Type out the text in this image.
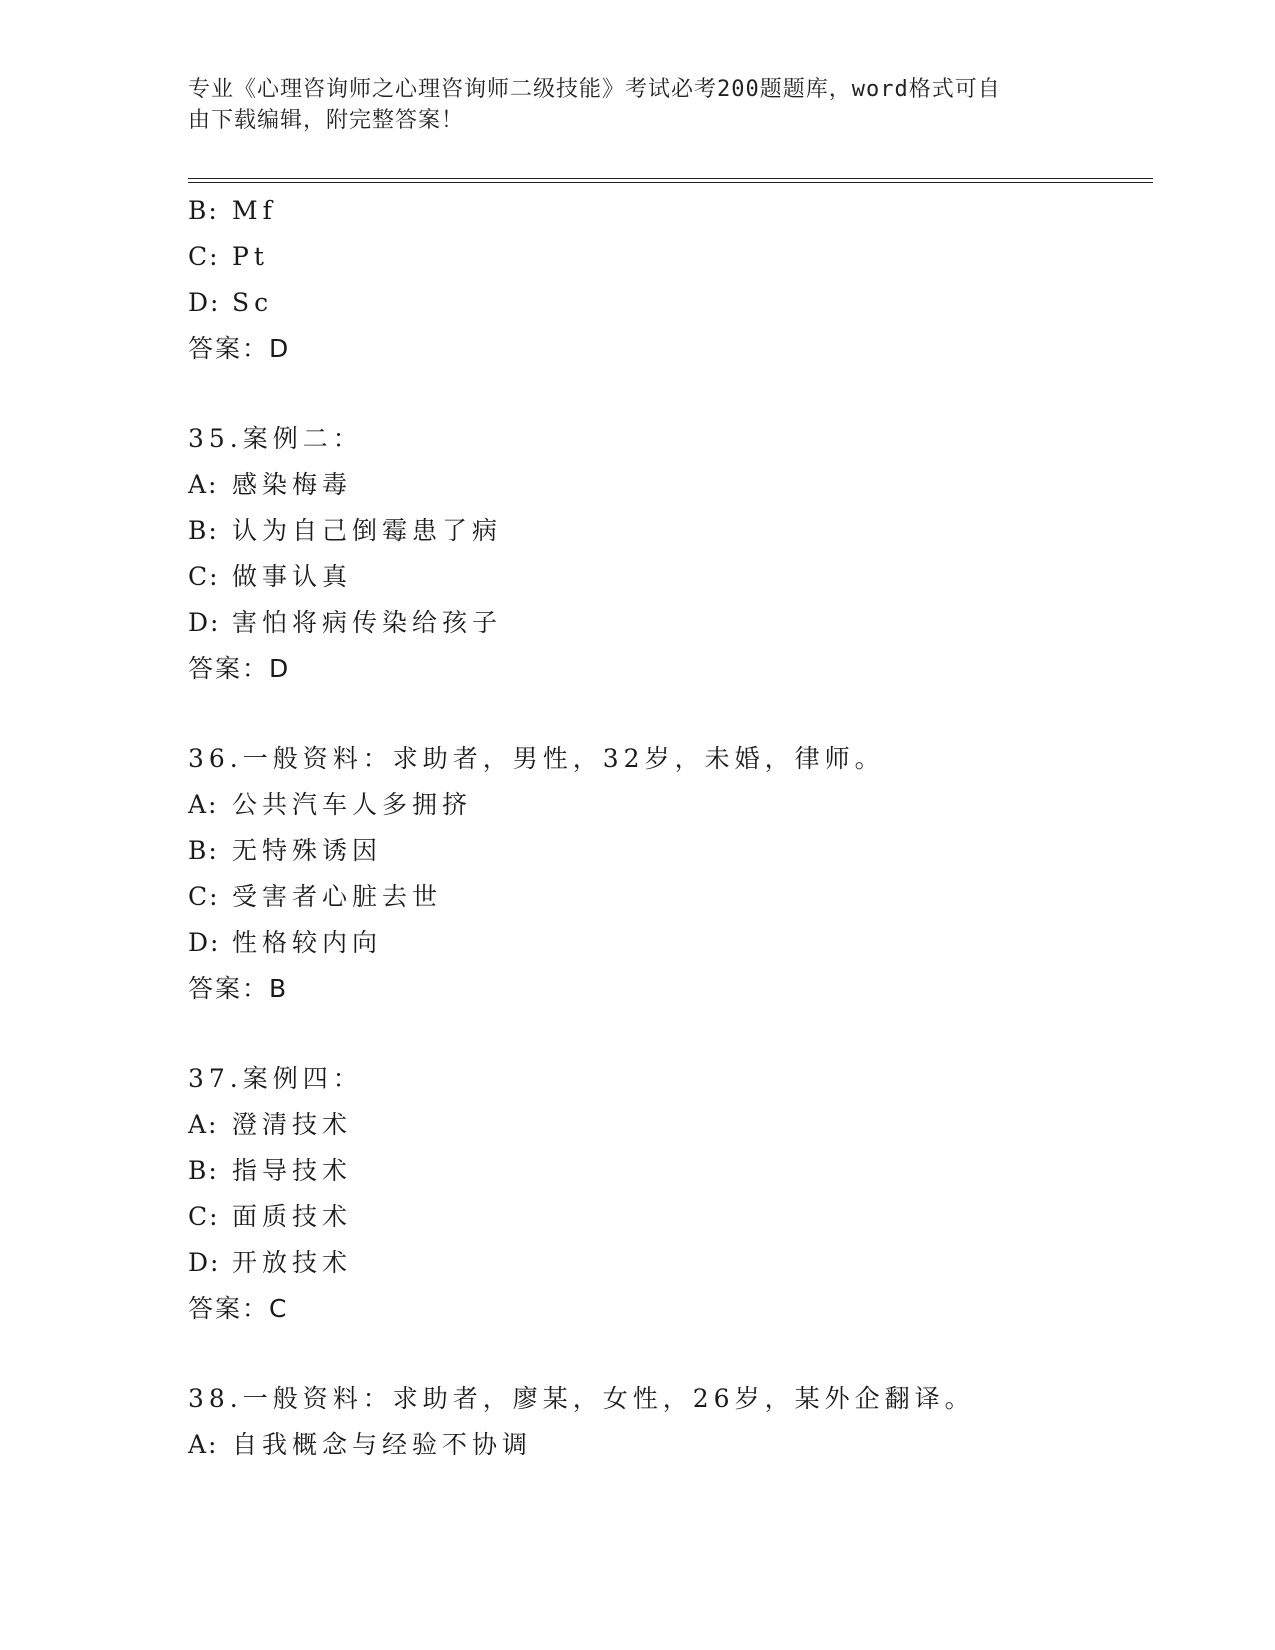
专业《心理咨询师之心理咨询师二级技能》考试必考200题题库，word格式可自
由下载编辑，附完整答案！
B: Mf
C: Pt
D: Sc
答案：D
35.案例二：
A: 感染梅毒
B: 认为自己倒霉患了病
C: 做事认真
D: 害怕将病传染给孩子
答案：D
36.一般资料：求助者，男性，32岁，未婚，律师。
A: 公共汽车人多拥挤
B: 无特殊诱因
C: 受害者心脏去世
D: 性格较内向
答案：B
37.案例四：
A: 澄清技术
B: 指导技术
C: 面质技术
D: 开放技术
答案：C
38.一般资料：求助者，廖某，女性，26岁，某外企翻译。
A: 自我概念与经验不协调
